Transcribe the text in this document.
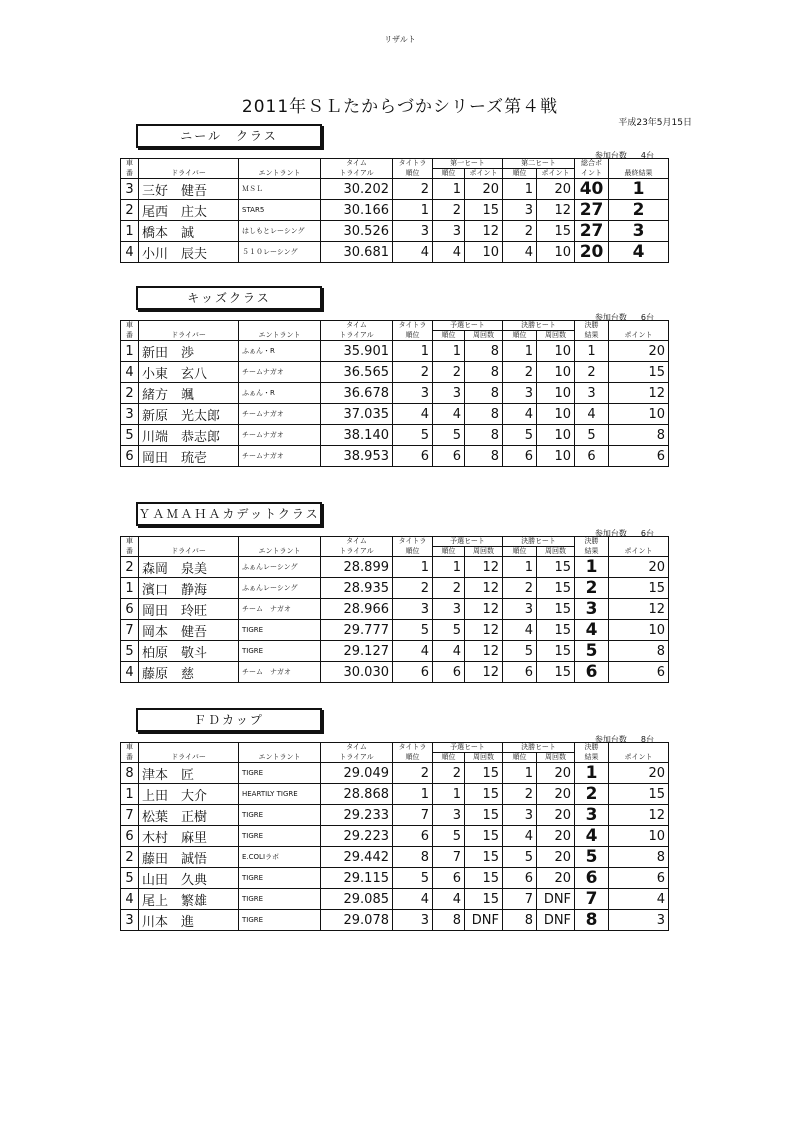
リザルト
2011年ＳＬたからづかシリーズ第４戦
平成23年5月15日
ニール　クラス
参加台数 4台
車			タイム	タイトラ	第一ヒート		第二ヒート		総合ポ	
番	ドライバー	エントラント	トライアル	順位	順位	ポイント	順位	ポイント	イント	最終結果
3	三好　健吾	ＭＳＬ	30.202	2	1	20	1	20	40	1
2	尾西　庄太	STAR5	30.166	1	2	15	3	12	27	2
1	橋本　誠	はしもとレーシング	30.526	3	3	12	2	15	27	3
4	小川　辰夫	５１０レーシング	30.681	4	4	10	4	10	20	4
キッズクラス
参加台数 6台
車			タイム	タイトラ	予選ヒート		決勝ヒート		決勝	
番	ドライバー	エントラント	トライアル	順位	順位	周回数	順位	周回数	結果	ポイント
1	新田　渉	ふぁん・R	35.901	1	1	8	1	10	1	20
4	小東　玄八	チームナガオ	36.565	2	2	8	2	10	2	15
2	緒方　颯	ふぁん・R	36.678	3	3	8	3	10	3	12
3	新原　光太郎	チームナガオ	37.035	4	4	8	4	10	4	10
5	川端　恭志郎	チームナガオ	38.140	5	5	8	5	10	5	8
6	岡田　琉壱	チームナガオ	38.953	6	6	8	6	10	6	6
ＹＡＭＡＨＡカデットクラス
参加台数 6台
車			タイム	タイトラ	予選ヒート		決勝ヒート		決勝	
番	ドライバー	エントラント	トライアル	順位	順位	周回数	順位	周回数	結果	ポイント
2	森岡　泉美	ふぁんレーシング	28.899	1	1	12	1	15	1	20
1	濱口　静海	ふぁんレーシング	28.935	2	2	12	2	15	2	15
6	岡田　玲旺	チーム　ナガオ	28.966	3	3	12	3	15	3	12
7	岡本　健吾	TIGRE	29.777	5	5	12	4	15	4	10
5	柏原　敬斗	TIGRE	29.127	4	4	12	5	15	5	8
4	藤原　慈	チーム　ナガオ	30.030	6	6	12	6	15	6	6
ＦＤカップ
参加台数 8台
車			タイム	タイトラ	予選ヒート		決勝ヒート		決勝	
番	ドライバー	エントラント	トライアル	順位	順位	周回数	順位	周回数	結果	ポイント
8	津本　匠	TIGRE	29.049	2	2	15	1	20	1	20
1	上田　大介	HEARTILY TIGRE	28.868	1	1	15	2	20	2	15
7	松葉　正樹	TIGRE	29.233	7	3	15	3	20	3	12
6	木村　麻里	TIGRE	29.223	6	5	15	4	20	4	10
2	藤田　誠悟	E.COLIラボ	29.442	8	7	15	5	20	5	8
5	山田　久典	TIGRE	29.115	5	6	15	6	20	6	6
4	尾上　繁雄	TIGRE	29.085	4	4	15	7	DNF	7	4
3	川本　進	TIGRE	29.078	3	8	DNF	8	DNF	8	3
